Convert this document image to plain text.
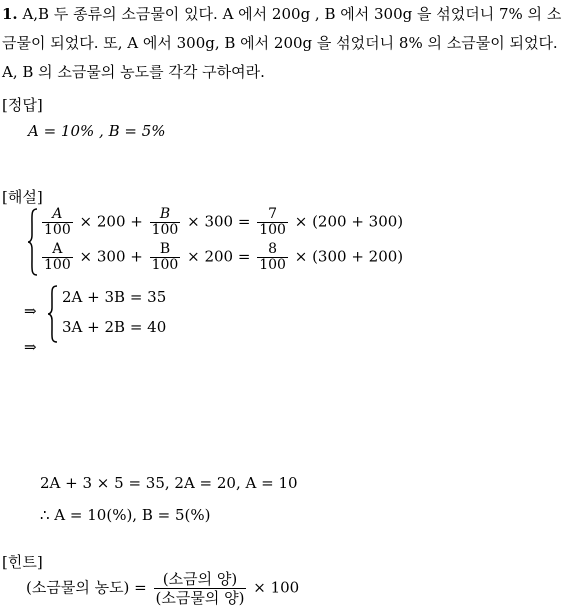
1. A,B 두 종류의 소금물이 있다. A 에서 200g , B 에서 300g 을 섞었더니 7% 의 소금물이 되었다. 또, A 에서 300g, B 에서 200g 을 섞었더니 8% 의 소금물이 되었다. A, B 의 소금물의 농도를 각각 구하여라.
[정답]
A = 10% , B = 5%
[해설]
$\frac{A}{100} \times 200 + \frac{B}{100} \times 300 = \frac{7}{100} \times (200 + 300)$
$\frac{A}{100} \times 300 + \frac{B}{100} \times 200 = \frac{8}{100} \times (300 + 200)$
⇒
2A + 3B = 35
3A + 2B = 40
⇒
2A + 3 × 5 = 35, 2A = 20, A = 10
∴ A = 10(%), B = 5(%)
[힌트]
(소금물의 농도) = $\frac{\text{(소금의 양)}}{\text{(소금물의 양)}} \times 100$
